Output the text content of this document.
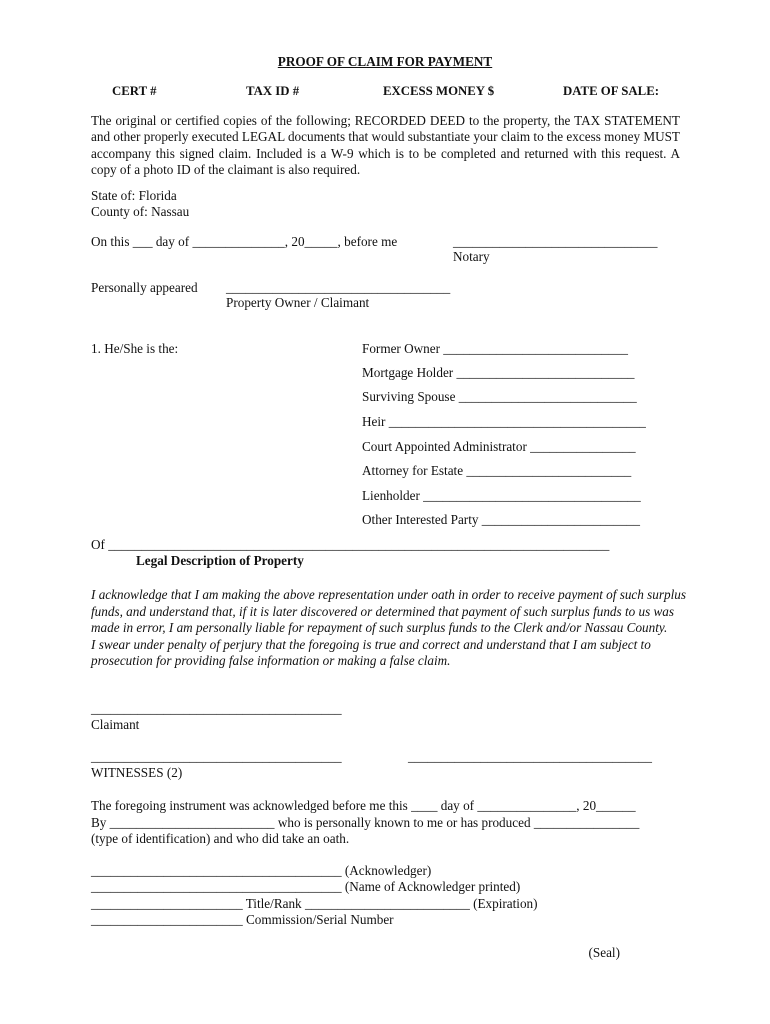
PROOF OF CLAIM FOR PAYMENT
CERT #	TAX ID #	EXCESS MONEY $	DATE OF SALE:
The original or certified copies of the following; RECORDED DEED to the property, the TAX STATEMENT and other properly executed LEGAL documents that would substantiate your claim to the excess money MUST accompany this signed claim. Included is a W-9 which is to be completed and returned with this request. A copy of a photo ID of the claimant is also required.
State of: Florida
County of: Nassau
On this ___ day of ______________, 20_____, before me	_______________________________
Notary
Personally appeared __________________________________
Property Owner / Claimant
1. He/She is the:	Former Owner ____________________________
Mortgage Holder ___________________________
Surviving Spouse ___________________________
Heir _______________________________________
Court Appointed Administrator ________________
Attorney for Estate _________________________
Lienholder _________________________________
Other Interested Party ________________________
Of ____________________________________________________________________________
Legal Description of Property

I acknowledge that I am making the above representation under oath in order to receive payment of such surplus funds, and understand that, if it is later discovered or determined that payment of such surplus funds to us was made in error, I am personally liable for repayment of such surplus funds to the Clerk and/or Nassau County.

I swear under penalty of perjury that the foregoing is true and correct and understand that I am subject to prosecution for providing false information or making a false claim.

______________________________________
Claimant
______________________________________	_____________________________________
WITNESSES (2)
The foregoing instrument was acknowledged before me this ____ day of _______________, 20______
By _________________________ who is personally known to me or has produced ________________
(type of identification) and who did take an oath.
______________________________________ (Acknowledger)
______________________________________ (Name of Acknowledger printed)
_______________________ Title/Rank _________________________ (Expiration)
_______________________ Commission/Serial Number
(Seal)
